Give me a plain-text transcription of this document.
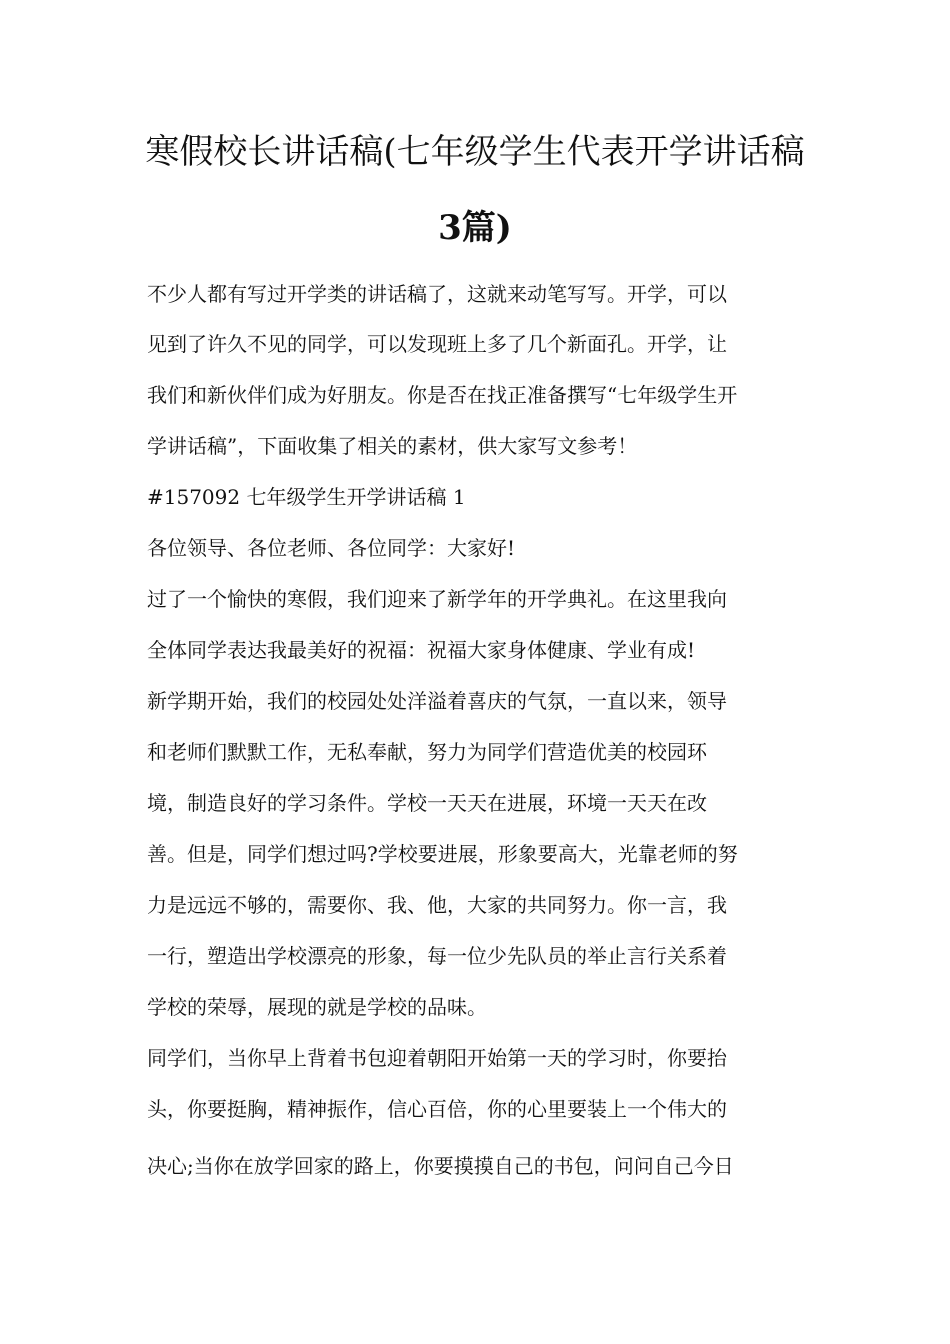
寒假校长讲话稿(七年级学生代表开学讲话稿
3篇)
不少人都有写过开学类的讲话稿了，这就来动笔写写。开学，可以
见到了许久不见的同学，可以发现班上多了几个新面孔。开学，让
我们和新伙伴们成为好朋友。你是否在找正准备撰写“七年级学生开
学讲话稿”，下面收集了相关的素材，供大家写文参考！
#157092 七年级学生开学讲话稿 1
各位领导、各位老师、各位同学：大家好!
过了一个愉快的寒假，我们迎来了新学年的开学典礼。在这里我向
全体同学表达我最美好的祝福：祝福大家身体健康、学业有成!
新学期开始，我们的校园处处洋溢着喜庆的气氛，一直以来，领导
和老师们默默工作，无私奉献，努力为同学们营造优美的校园环
境，制造良好的学习条件。学校一天天在进展，环境一天天在改
善。但是，同学们想过吗?学校要进展，形象要高大，光靠老师的努
力是远远不够的，需要你、我、他，大家的共同努力。你一言，我
一行，塑造出学校漂亮的形象，每一位少先队员的举止言行关系着
学校的荣辱，展现的就是学校的品味。
同学们，当你早上背着书包迎着朝阳开始第一天的学习时，你要抬
头，你要挺胸，精神振作，信心百倍，你的心里要装上一个伟大的
决心;当你在放学回家的路上，你要摸摸自己的书包，问问自己今日
